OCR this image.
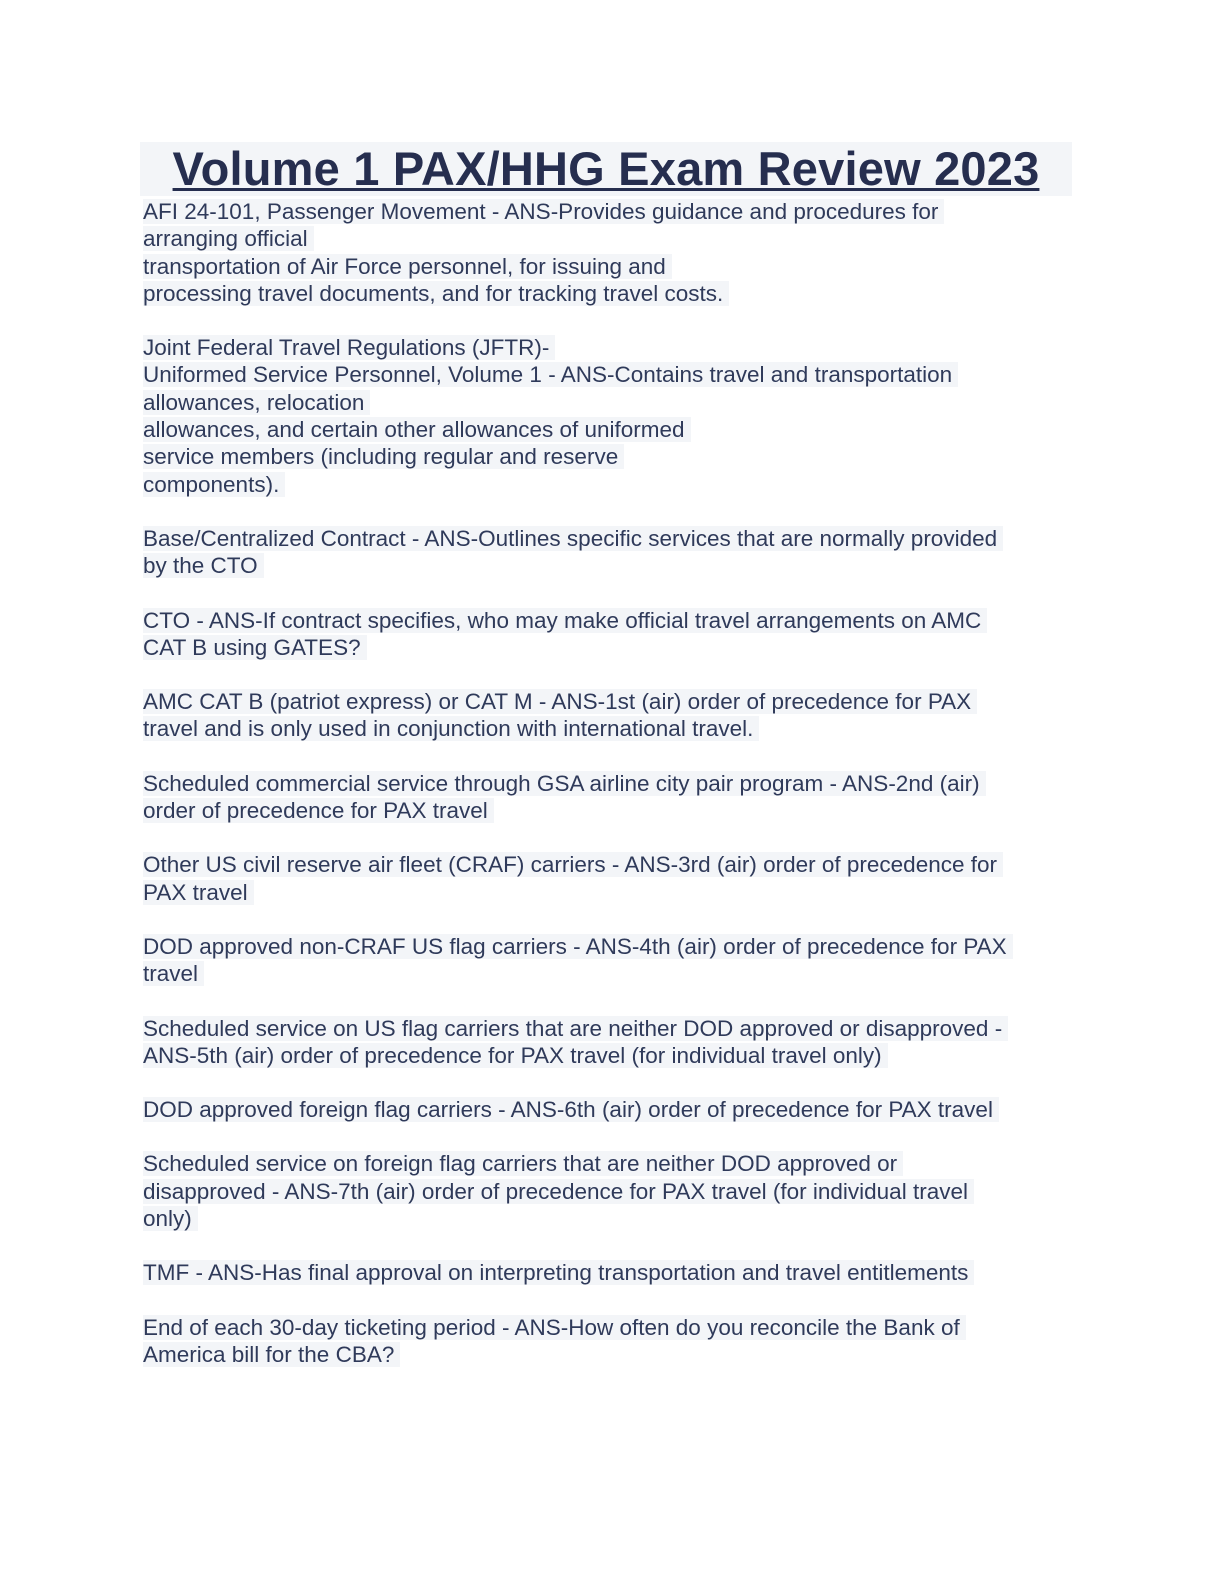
Volume 1 PAX/HHG Exam Review 2023
AFI 24-101, Passenger Movement - ANS-Provides guidance and procedures for
arranging official
transportation of Air Force personnel, for issuing and
processing travel documents, and for tracking travel costs.
Joint Federal Travel Regulations (JFTR)-
Uniformed Service Personnel, Volume 1 - ANS-Contains travel and transportation
allowances, relocation
allowances, and certain other allowances of uniformed
service members (including regular and reserve
components).
Base/Centralized Contract - ANS-Outlines specific services that are normally provided
by the CTO
CTO - ANS-If contract specifies, who may make official travel arrangements on AMC
CAT B using GATES?
AMC CAT B (patriot express) or CAT M - ANS-1st (air) order of precedence for PAX
travel and is only used in conjunction with international travel.
Scheduled commercial service through GSA airline city pair program - ANS-2nd (air)
order of precedence for PAX travel
Other US civil reserve air fleet (CRAF) carriers - ANS-3rd (air) order of precedence for
PAX travel
DOD approved non-CRAF US flag carriers - ANS-4th (air) order of precedence for PAX
travel
Scheduled service on US flag carriers that are neither DOD approved or disapproved -
ANS-5th (air) order of precedence for PAX travel (for individual travel only)
DOD approved foreign flag carriers - ANS-6th (air) order of precedence for PAX travel
Scheduled service on foreign flag carriers that are neither DOD approved or
disapproved - ANS-7th (air) order of precedence for PAX travel (for individual travel
only)
TMF - ANS-Has final approval on interpreting transportation and travel entitlements
End of each 30-day ticketing period - ANS-How often do you reconcile the Bank of
America bill for the CBA?
